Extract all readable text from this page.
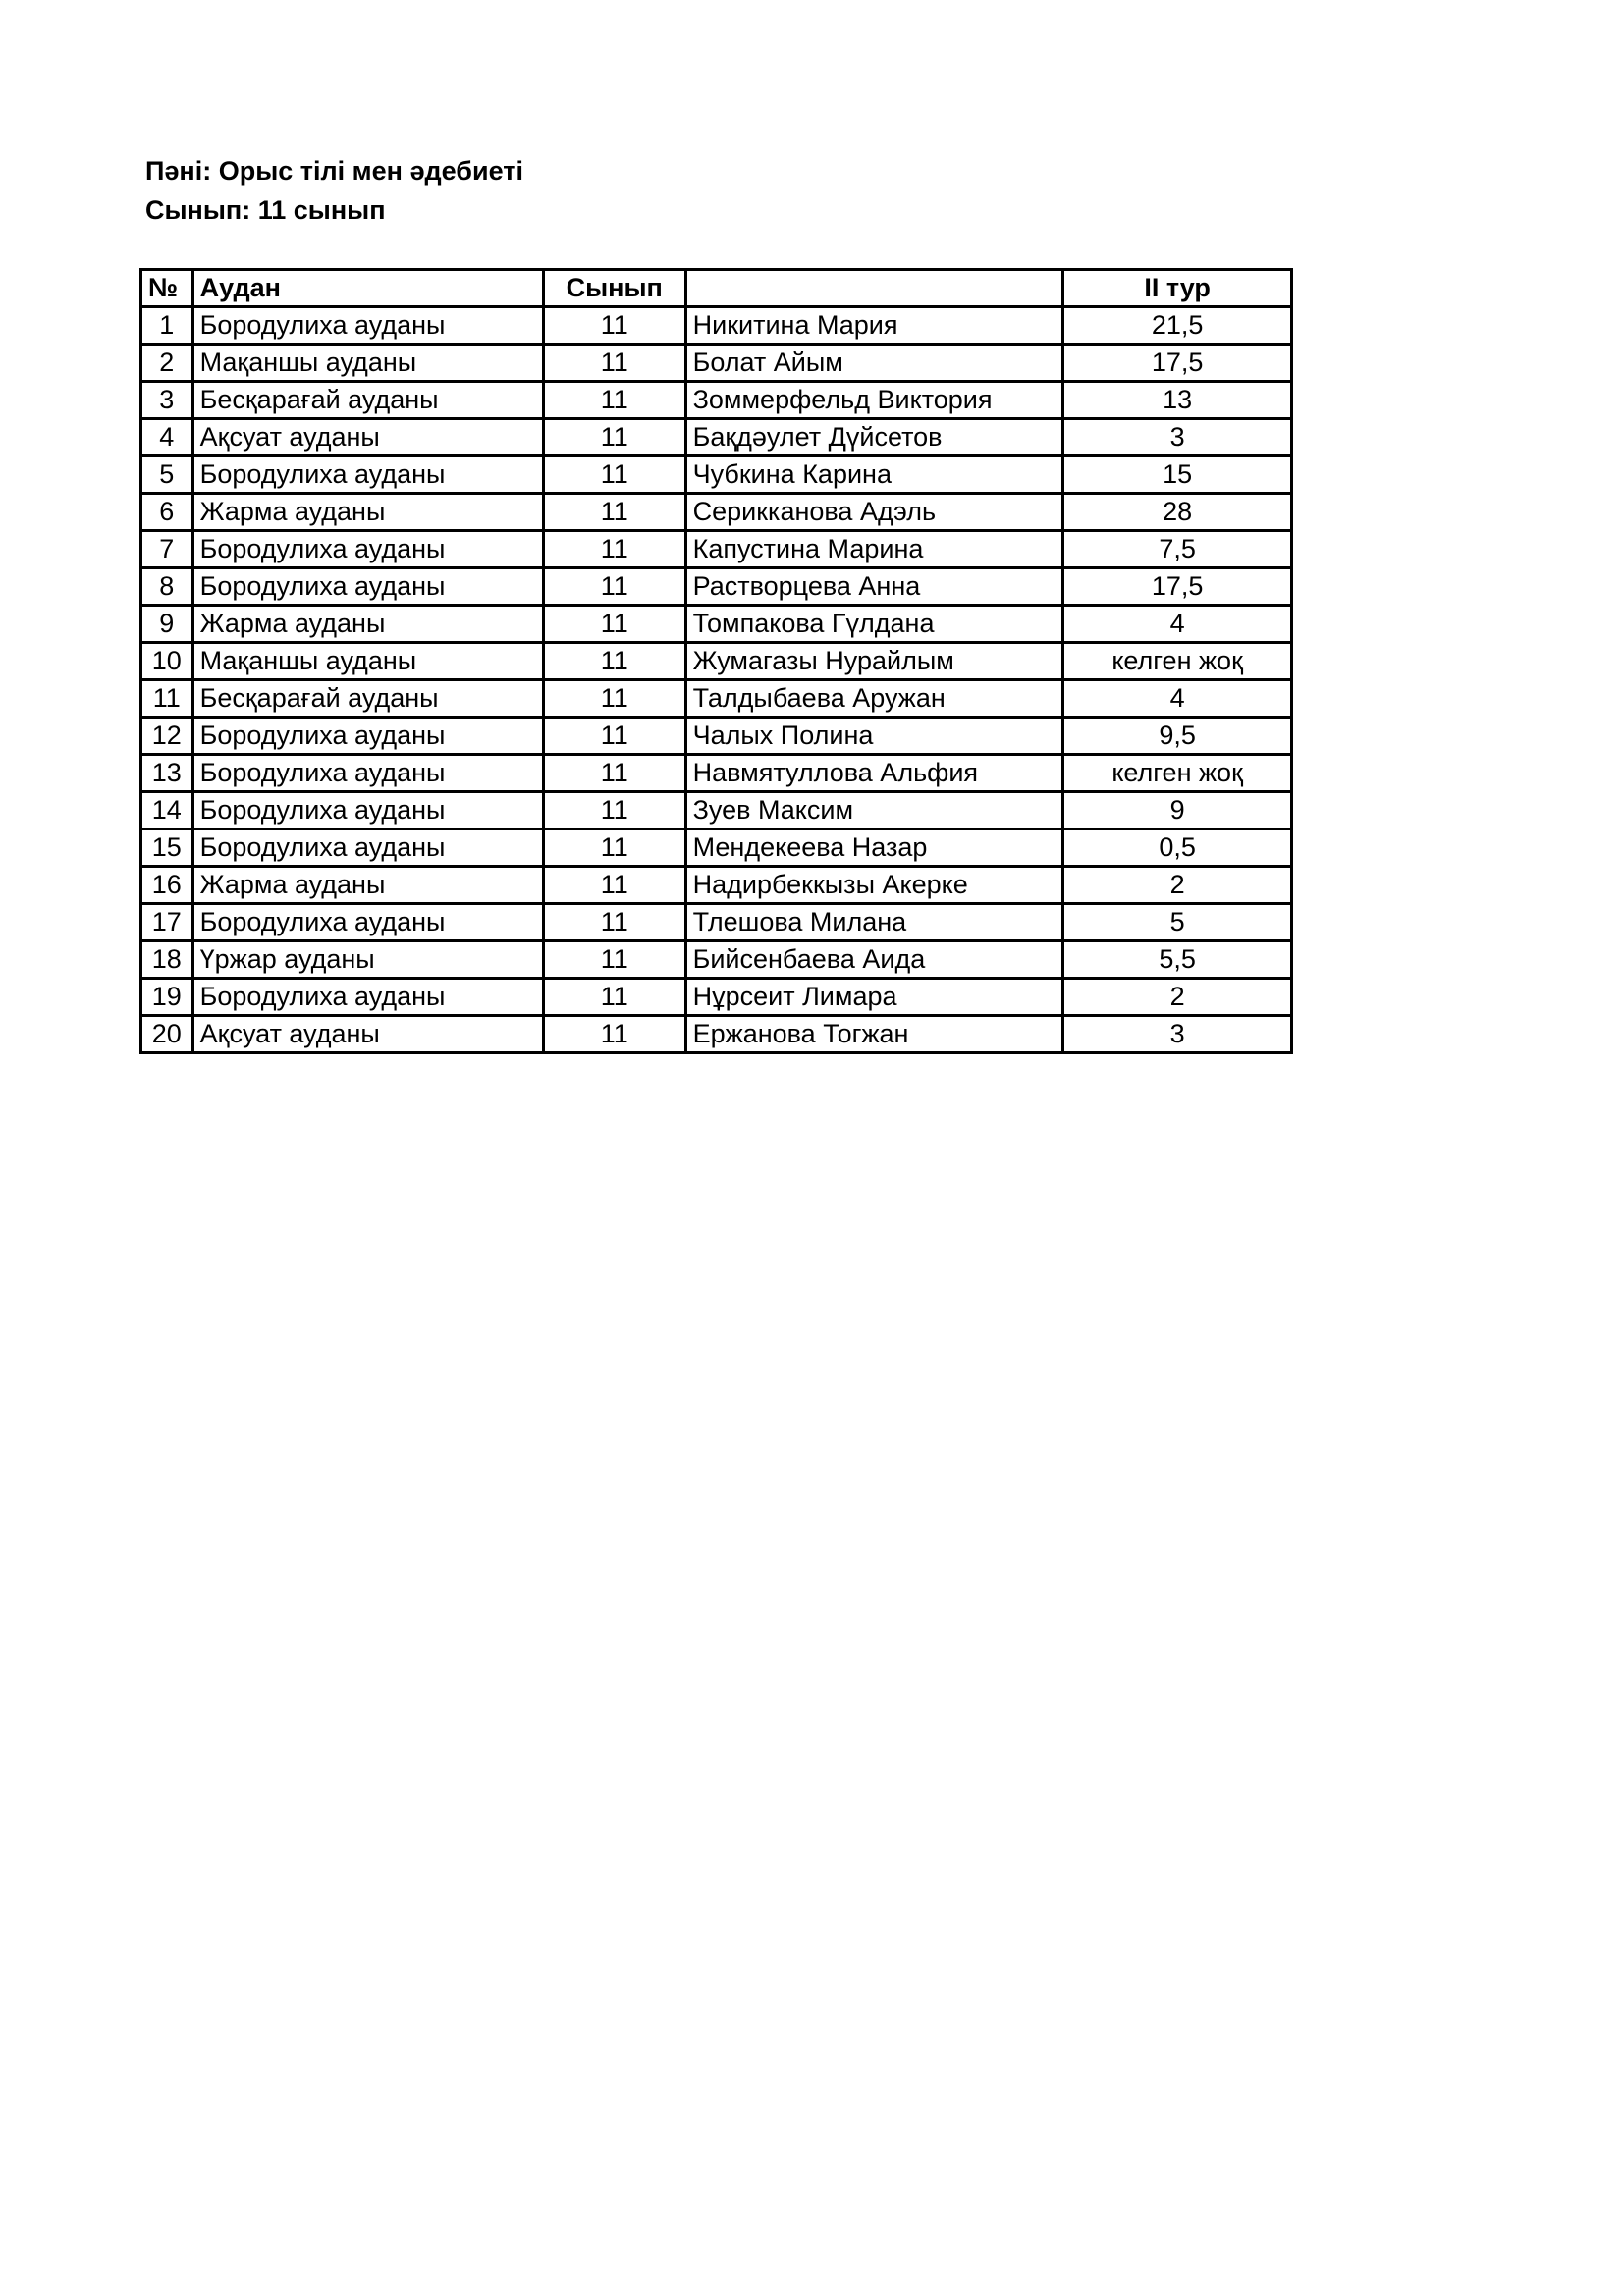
Пәні: Орыс тілі мен әдебиеті
Сынып: 11 сынып
№	Аудан	Сынып		II тур
1	Бородулиха ауданы	11	Никитина Мария	21,5
2	Мақаншы ауданы	11	Болат Айым	17,5
3	Бесқарағай ауданы	11	Зоммерфельд Виктория	13
4	Ақсуат ауданы	11	Бақдәулет Дүйсетов	3
5	Бородулиха ауданы	11	Чубкина Карина	15
6	Жарма ауданы	11	Серикканова Адэль	28
7	Бородулиха ауданы	11	Капустина Марина	7,5
8	Бородулиха ауданы	11	Растворцева Анна	17,5
9	Жарма ауданы	11	Томпакова Гүлдана	4
10	Мақаншы ауданы	11	Жумагазы Нурайлым	келген жоқ
11	Бесқарағай ауданы	11	Талдыбаева Аружан	4
12	Бородулиха ауданы	11	Чалых Полина	9,5
13	Бородулиха ауданы	11	Навмятуллова Альфия	келген жоқ
14	Бородулиха ауданы	11	Зуев Максим	9
15	Бородулиха ауданы	11	Мендекеева Назар	0,5
16	Жарма ауданы	11	Надирбеккызы Акерке	2
17	Бородулиха ауданы	11	Тлешова Милана	5
18	Үржар ауданы	11	Бийсенбаева Аида	5,5
19	Бородулиха ауданы	11	Нұрсеит Лимара	2
20	Ақсуат ауданы	11	Ержанова Тогжан	3
